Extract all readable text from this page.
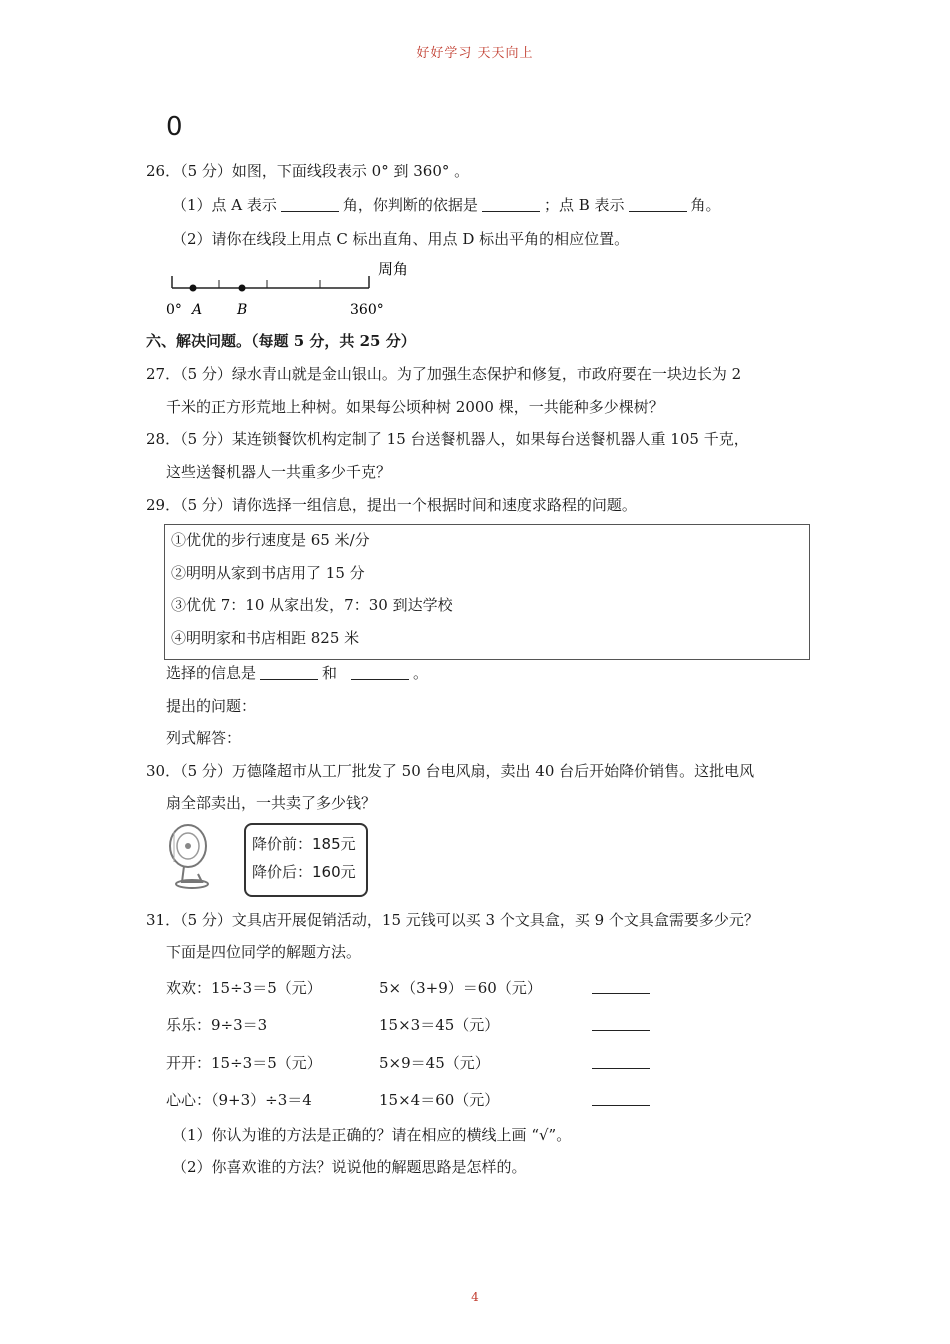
好好学习 天天向上
0
26．（5 分）如图，下面线段表示 0° 到 360° 。
（1）点 A 表示	角，你判断的依据是	；点 B 表示	角。
（2）请你在线段上用点 C 标出直角、用点 D 标出平角的相应位置。
周角
0° A B	360°
六、解决问题。（每题 5 分，共 25 分）
27．（5 分）绿水青山就是金山银山。为了加强生态保护和修复，市政府要在一块边长为 2
千米的正方形荒地上种树。如果每公顷种树 2000 棵，一共能种多少棵树？
28．（5 分）某连锁餐饮机构定制了 15 台送餐机器人，如果每台送餐机器人重 105 千克，
这些送餐机器人一共重多少千克？
29．（5 分）请你选择一组信息，提出一个根据时间和速度求路程的问题。
①优优的步行速度是 65 米/分
②明明从家到书店用了 15 分
③优优 7：10 从家出发，7：30 到达学校
④明明家和书店相距 825 米
选择的信息是	和	。
提出的问题：
列式解答：
30．（5 分）万德隆超市从工厂批发了 50 台电风扇，卖出 40 台后开始降价销售。这批电风
扇全部卖出，一共卖了多少钱？
降价前：185元
降价后：160元
31．（5 分）文具店开展促销活动，15 元钱可以买 3 个文具盒，买 9 个文具盒需要多少元？
下面是四位同学的解题方法。
欢欢：15÷3＝5（元）	5×（3+9）＝60（元）
乐乐：9÷3＝3	15×3＝45（元）
开开：15÷3＝5（元）	5×9＝45（元）
心心：（9+3）÷3＝4	15×4＝60（元）
（1）你认为谁的方法是正确的？请在相应的横线上画 “√”。
（2）你喜欢谁的方法？说说他的解题思路是怎样的。
4
